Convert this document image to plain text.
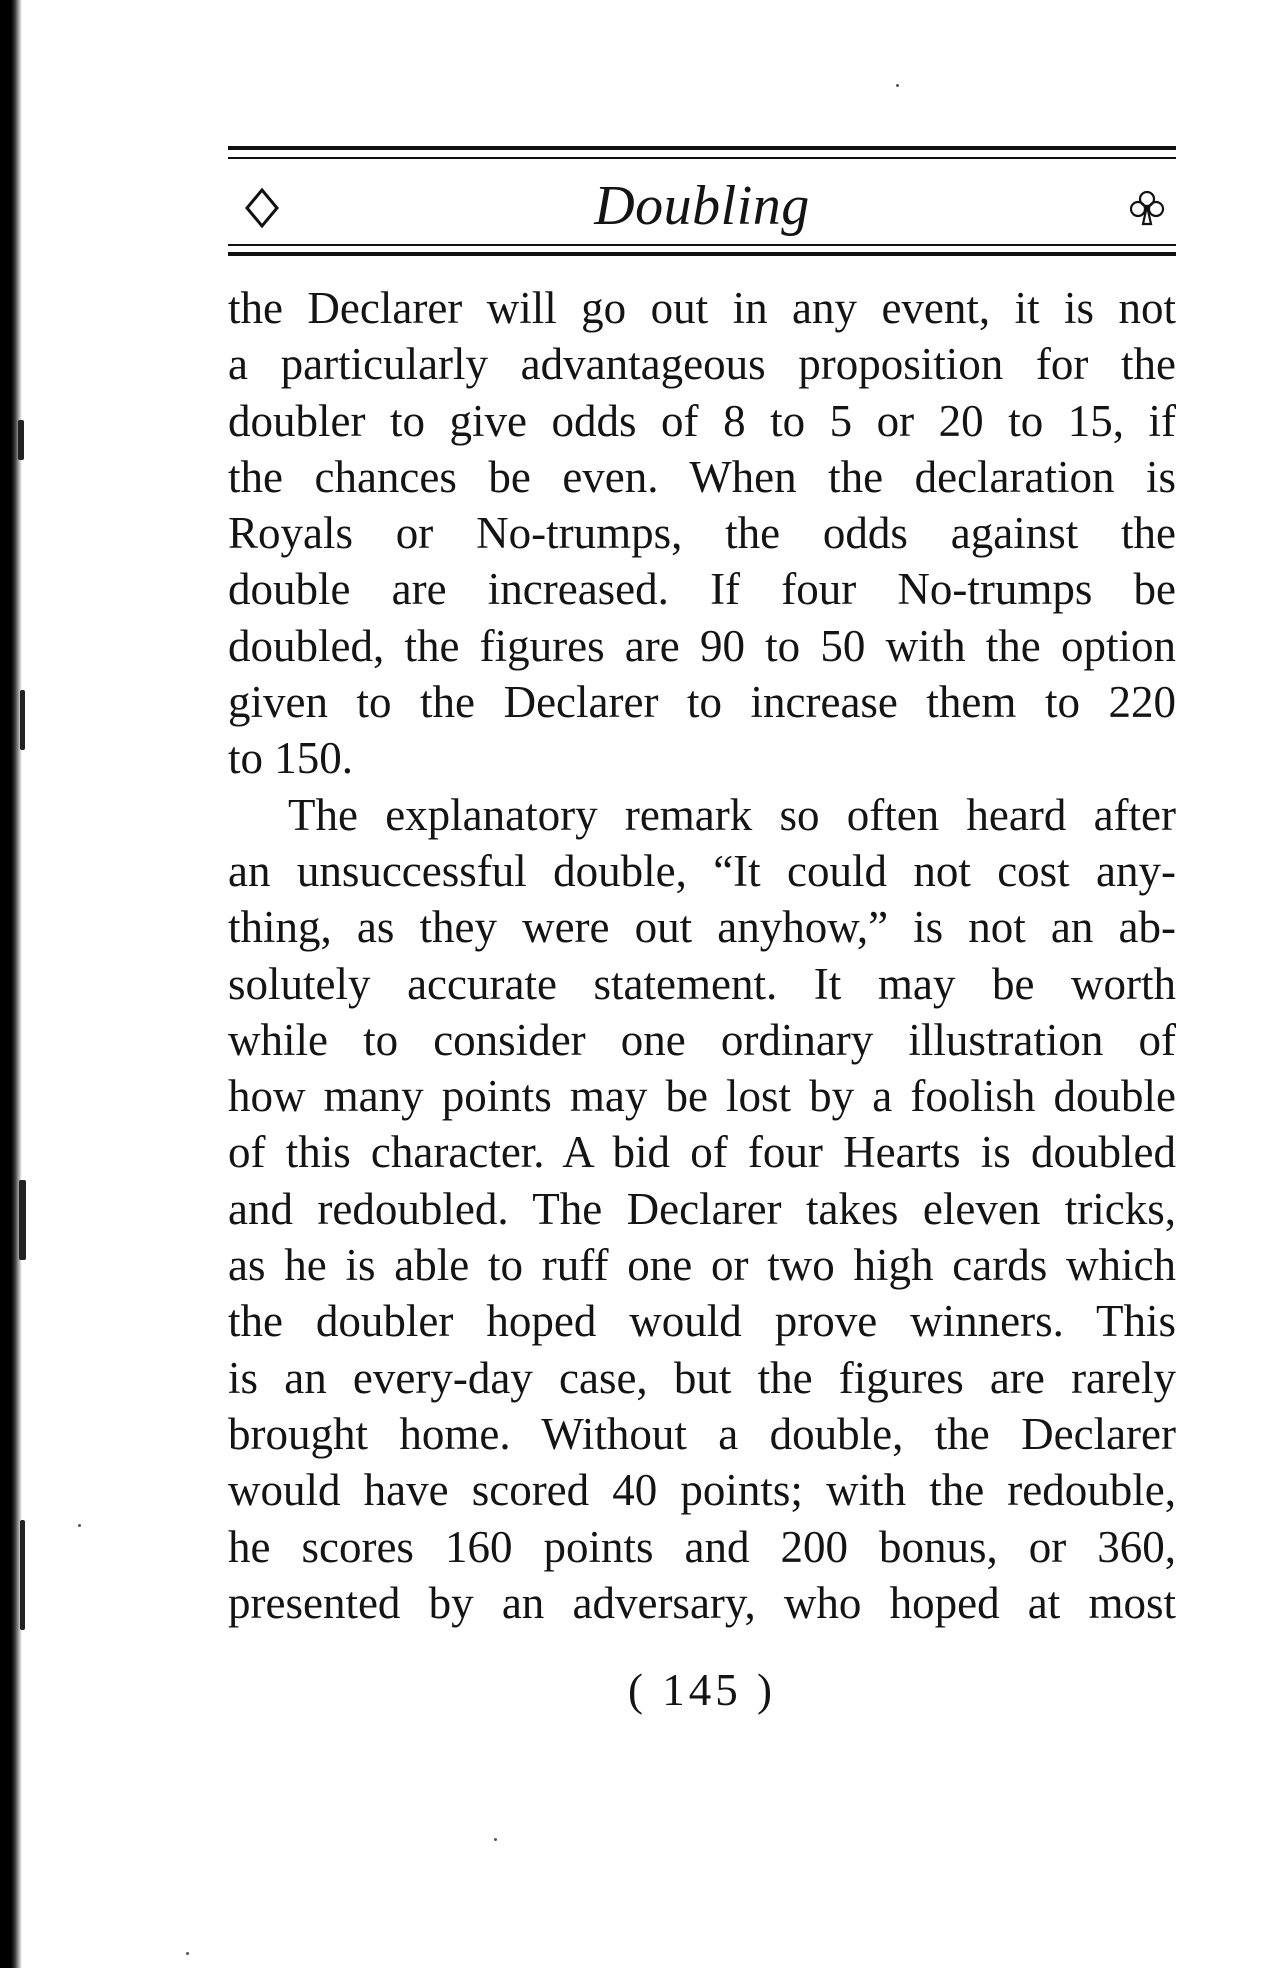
Doubling
the Declarer will go out in any event, it is not
a particularly advantageous proposition for the
doubler to give odds of 8 to 5 or 20 to 15, if
the chances be even. When the declaration is
Royals or No-trumps, the odds against the
double are increased. If four No-trumps be
doubled, the figures are 90 to 50 with the option
given to the Declarer to increase them to 220
to 150.
The explanatory remark so often heard after
an unsuccessful double, “It could not cost any-
thing, as they were out anyhow,” is not an ab-
solutely accurate statement. It may be worth
while to consider one ordinary illustration of
how many points may be lost by a foolish double
of this character. A bid of four Hearts is doubled
and redoubled. The Declarer takes eleven tricks,
as he is able to ruff one or two high cards which
the doubler hoped would prove winners. This
is an every-day case, but the figures are rarely
brought home. Without a double, the Declarer
would have scored 40 points; with the redouble,
he scores 160 points and 200 bonus, or 360,
presented by an adversary, who hoped at most
( 145 )
